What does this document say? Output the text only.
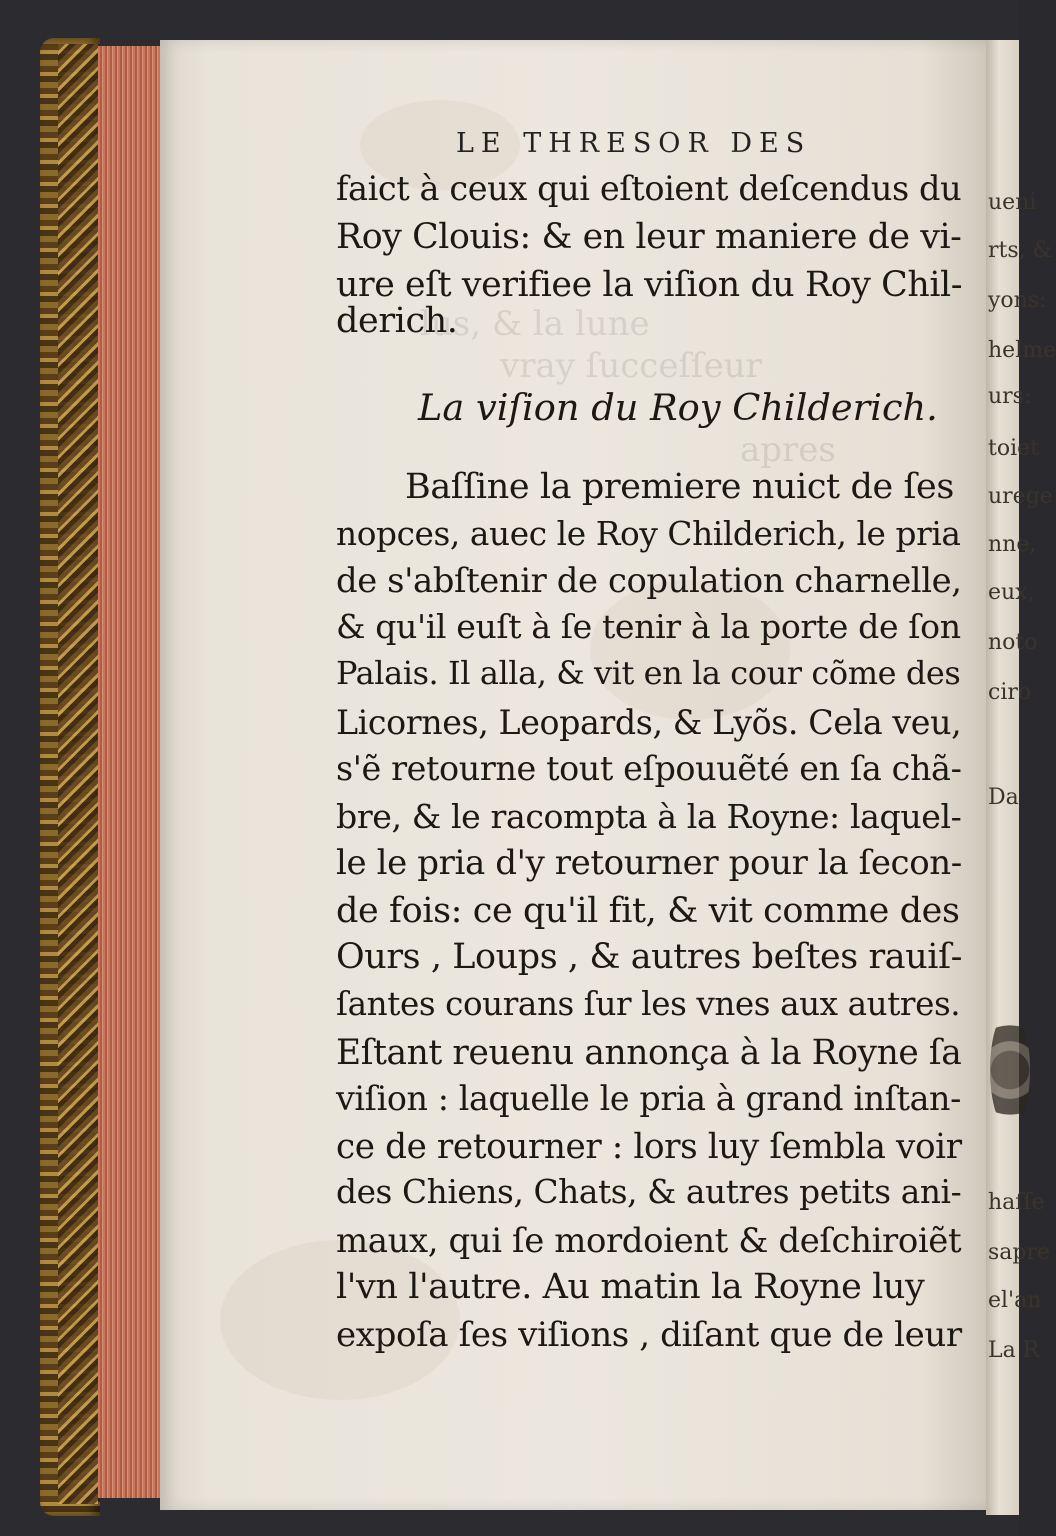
ueni
rts, &
yons:
helme
urs:
toiet
urege
nne,
eux,
noto
ciro
Da
haſſe
sapre
el'an
La R
lus, & la lune
vray ſucceſſeur
apres
LE THRESOR DES
faict à ceux qui eſtoient deſcendus du
Roy Clouis: & en leur maniere de vi-
ure eſt verifiee la viſion du Roy Chil-
derich.
La viſion du Roy Childerich.
Baſſine la premiere nuict de ſes
nopces, auec le Roy Childerich, le pria
de s'abſtenir de copulation charnelle,
& qu'il euſt à ſe tenir à la porte de ſon
Palais. Il alla, & vit en la cour cõme des
Licornes, Leopards, & Lyõs. Cela veu,
s'ẽ retourne tout eſpouuẽté en ſa chã-
bre, & le racompta à la Royne: laquel-
le le pria d'y retourner pour la ſecon-
de fois: ce qu'il fit, & vit comme des
Ours , Loups , & autres beſtes rauiſ-
ſantes courans ſur les vnes aux autres.
Eſtant reuenu annonça à la Royne ſa
viſion : laquelle le pria à grand inſtan-
ce de retourner : lors luy ſembla voir
des Chiens, Chats, & autres petits ani-
maux, qui ſe mordoient & deſchiroiẽt
l'vn l'autre. Au matin la Royne luy
expoſa ſes viſions , diſant que de leur
